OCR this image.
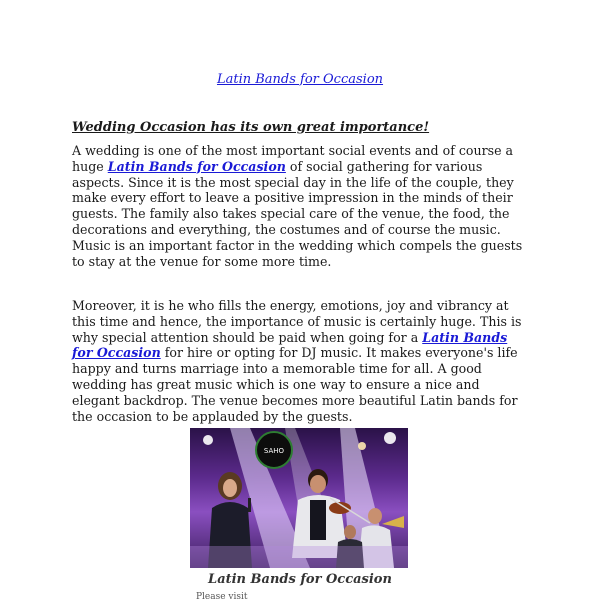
Latin Bands for Occasion
Wedding Occasion has its own great importance!
A wedding is one of the most important social events and of course a huge Latin Bands for Occasion of social gathering for various aspects. Since it is the most special day in the life of the couple, they make every effort to leave a positive impression in the minds of their guests. The family also takes special care of the venue, the food, the decorations and everything, the costumes and of course the music. Music is an important factor in the wedding which compels the guests to stay at the venue for some more time.
Moreover, it is he who fills the energy, emotions, joy and vibrancy at this time and hence, the importance of music is certainly huge. This is why special attention should be paid when going for a Latin Bands for Occasion for hire or opting for DJ music. It makes everyone's life happy and turns marriage into a memorable time for all. A good wedding has great music which is one way to ensure a nice and elegant backdrop. The venue becomes more beautiful Latin bands for the occasion to be applauded by the guests.
SAHO
Latin Bands for Occasion
Please visit
